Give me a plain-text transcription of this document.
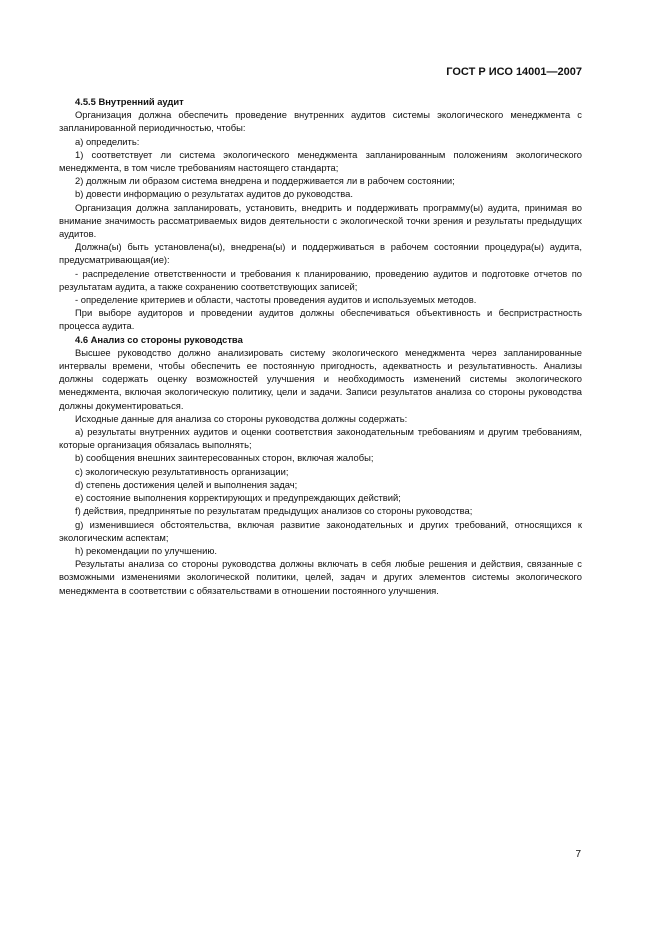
ГОСТ Р ИСО 14001—2007

4.5.5 Внутренний аудит

Организация должна обеспечить проведение внутренних аудитов системы экологического менеджмента с запланированной периодичностью, чтобы:

а) определить:

1) соответствует ли система экологического менеджмента запланированным положениям экологического менеджмента, в том числе требованиям настоящего стандарта;

2) должным ли образом система внедрена и поддерживается ли в рабочем состоянии;

b) довести информацию о результатах аудитов до руководства.

Организация должна запланировать, установить, внедрить и поддерживать программу(ы) аудита, принимая во внимание значимость рассматриваемых видов деятельности с экологической точки зрения и результаты предыдущих аудитов.

Должна(ы) быть установлена(ы), внедрена(ы) и поддерживаться в рабочем состоянии процедура(ы) аудита, предусматривающая(ие):

- распределение ответственности и требования к планированию, проведению аудитов и подготовке отчетов по результатам аудита, а также сохранению соответствующих записей;

- определение критериев и области, частоты проведения аудитов и используемых методов.

При выборе аудиторов и проведении аудитов должны обеспечиваться объективность и беспристрастность процесса аудита.

4.6 Анализ со стороны руководства

Высшее руководство должно анализировать систему экологического менеджмента через запланированные интервалы времени, чтобы обеспечить ее постоянную пригодность, адекватность и результативность. Анализы должны содержать оценку возможностей улучшения и необходимость изменений системы экологического менеджмента, включая экологическую политику, цели и задачи. Записи результатов анализа со стороны руководства должны документироваться.

Исходные данные для анализа со стороны руководства должны содержать:

a) результаты внутренних аудитов и оценки соответствия законодательным требованиям и другим требованиям, которые организация обязалась выполнять;

b) сообщения внешних заинтересованных сторон, включая жалобы;

c) экологическую результативность организации;

d) степень достижения целей и выполнения задач;

e) состояние выполнения корректирующих и предупреждающих действий;

f) действия, предпринятые по результатам предыдущих анализов со стороны руководства;

g) изменившиеся обстоятельства, включая развитие законодательных и других требований, относящихся к экологическим аспектам;

h) рекомендации по улучшению.

Результаты анализа со стороны руководства должны включать в себя любые решения и действия, связанные с возможными изменениями экологической политики, целей, задач и других элементов системы экологического менеджмента в соответствии с обязательствами в отношении постоянного улучшения.

7
